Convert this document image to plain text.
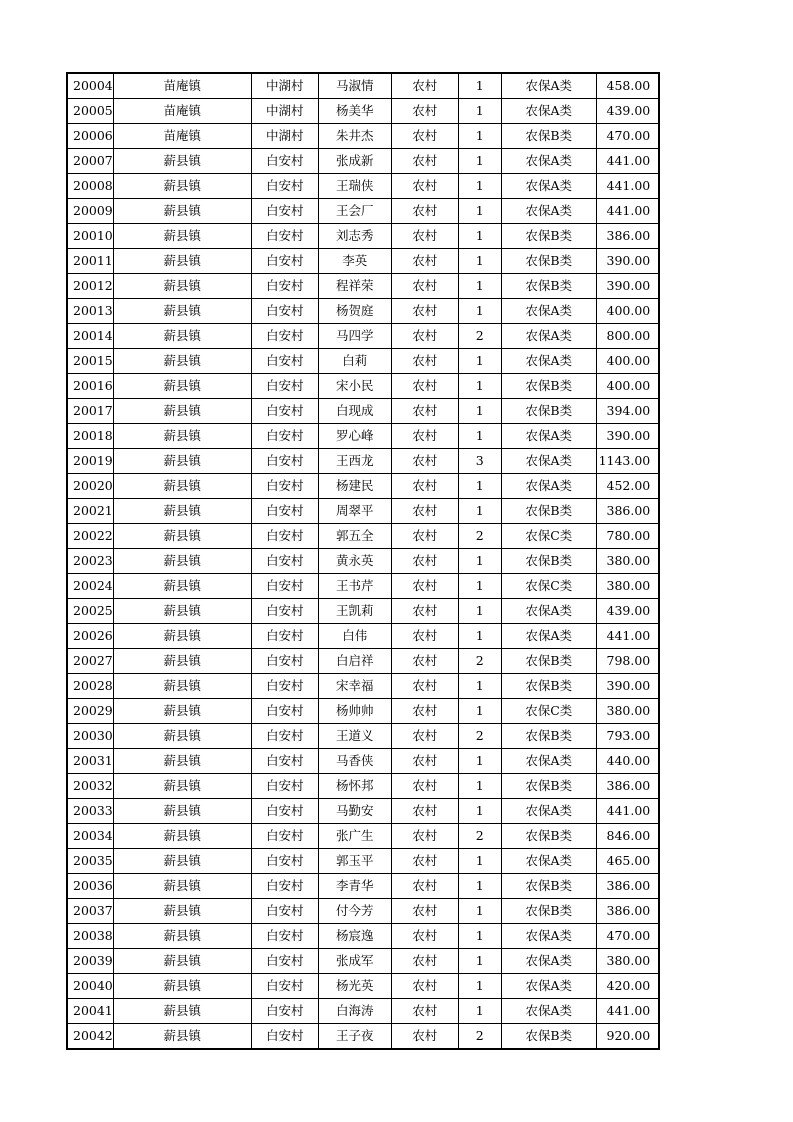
20004	苗庵镇	中湖村	马淑情	农村	1	农保A类	458.00
20005	苗庵镇	中湖村	杨美华	农村	1	农保A类	439.00
20006	苗庵镇	中湖村	朱井杰	农村	1	农保B类	470.00
20007	薪县镇	白安村	张成新	农村	1	农保A类	441.00
20008	薪县镇	白安村	王瑞侠	农村	1	农保A类	441.00
20009	薪县镇	白安村	王会厂	农村	1	农保A类	441.00
20010	薪县镇	白安村	刘志秀	农村	1	农保B类	386.00
20011	薪县镇	白安村	李英	农村	1	农保B类	390.00
20012	薪县镇	白安村	程祥荣	农村	1	农保B类	390.00
20013	薪县镇	白安村	杨贺庭	农村	1	农保A类	400.00
20014	薪县镇	白安村	马四学	农村	2	农保A类	800.00
20015	薪县镇	白安村	白莉	农村	1	农保A类	400.00
20016	薪县镇	白安村	宋小民	农村	1	农保B类	400.00
20017	薪县镇	白安村	白现成	农村	1	农保B类	394.00
20018	薪县镇	白安村	罗心峰	农村	1	农保A类	390.00
20019	薪县镇	白安村	王西龙	农村	3	农保A类	1143.00
20020	薪县镇	白安村	杨建民	农村	1	农保A类	452.00
20021	薪县镇	白安村	周翠平	农村	1	农保B类	386.00
20022	薪县镇	白安村	郭五全	农村	2	农保C类	780.00
20023	薪县镇	白安村	黄永英	农村	1	农保B类	380.00
20024	薪县镇	白安村	王书芹	农村	1	农保C类	380.00
20025	薪县镇	白安村	王凯莉	农村	1	农保A类	439.00
20026	薪县镇	白安村	白伟	农村	1	农保A类	441.00
20027	薪县镇	白安村	白启祥	农村	2	农保B类	798.00
20028	薪县镇	白安村	宋幸福	农村	1	农保B类	390.00
20029	薪县镇	白安村	杨帅帅	农村	1	农保C类	380.00
20030	薪县镇	白安村	王道义	农村	2	农保B类	793.00
20031	薪县镇	白安村	马香侠	农村	1	农保A类	440.00
20032	薪县镇	白安村	杨怀邦	农村	1	农保B类	386.00
20033	薪县镇	白安村	马勤安	农村	1	农保A类	441.00
20034	薪县镇	白安村	张广生	农村	2	农保B类	846.00
20035	薪县镇	白安村	郭玉平	农村	1	农保A类	465.00
20036	薪县镇	白安村	李青华	农村	1	农保B类	386.00
20037	薪县镇	白安村	付今芳	农村	1	农保B类	386.00
20038	薪县镇	白安村	杨宸逸	农村	1	农保A类	470.00
20039	薪县镇	白安村	张成军	农村	1	农保A类	380.00
20040	薪县镇	白安村	杨光英	农村	1	农保A类	420.00
20041	薪县镇	白安村	白海涛	农村	1	农保A类	441.00
20042	薪县镇	白安村	王子夜	农村	2	农保B类	920.00
